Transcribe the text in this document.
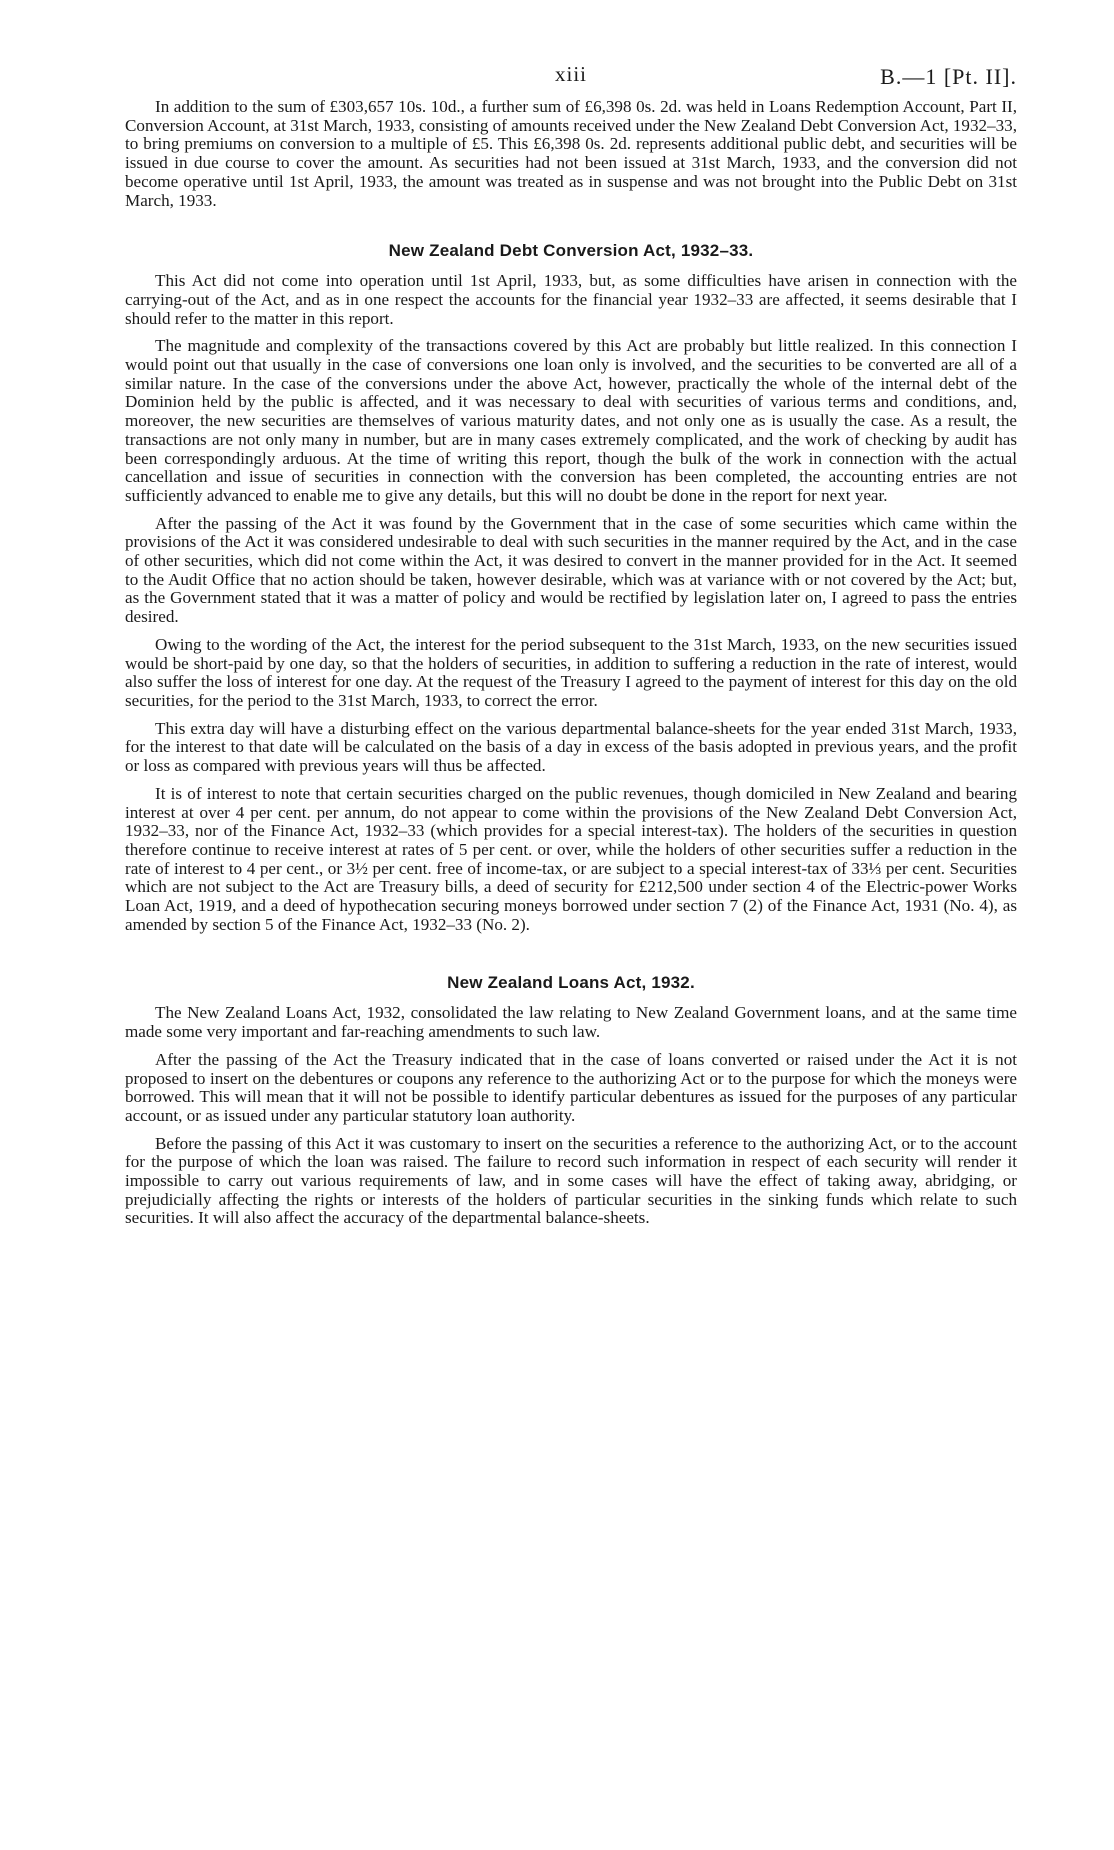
xiii	B.—1 [Pt. II].

In addition to the sum of £303,657 10s. 10d., a further sum of £6,398 0s. 2d. was held in Loans Redemption Account, Part II, Conversion Account, at 31st March, 1933, consisting of amounts received under the New Zealand Debt Conversion Act, 1932–33, to bring premiums on conversion to a multiple of £5. This £6,398 0s. 2d. represents additional public debt, and securities will be issued in due course to cover the amount. As securities had not been issued at 31st March, 1933, and the conversion did not become operative until 1st April, 1933, the amount was treated as in suspense and was not brought into the Public Debt on 31st March, 1933.

New Zealand Debt Conversion Act, 1932–33.

This Act did not come into operation until 1st April, 1933, but, as some difficulties have arisen in connection with the carrying-out of the Act, and as in one respect the accounts for the financial year 1932–33 are affected, it seems desirable that I should refer to the matter in this report.

The magnitude and complexity of the transactions covered by this Act are probably but little realized. In this connection I would point out that usually in the case of conversions one loan only is involved, and the securities to be converted are all of a similar nature. In the case of the conversions under the above Act, however, practically the whole of the internal debt of the Dominion held by the public is affected, and it was necessary to deal with securities of various terms and conditions, and, moreover, the new securities are themselves of various maturity dates, and not only one as is usually the case. As a result, the transactions are not only many in number, but are in many cases extremely complicated, and the work of checking by audit has been correspondingly arduous. At the time of writing this report, though the bulk of the work in connection with the actual cancellation and issue of securities in connection with the conversion has been completed, the accounting entries are not sufficiently advanced to enable me to give any details, but this will no doubt be done in the report for next year.

After the passing of the Act it was found by the Government that in the case of some securities which came within the provisions of the Act it was considered undesirable to deal with such securities in the manner required by the Act, and in the case of other securities, which did not come within the Act, it was desired to convert in the manner provided for in the Act. It seemed to the Audit Office that no action should be taken, however desirable, which was at variance with or not covered by the Act; but, as the Government stated that it was a matter of policy and would be rectified by legislation later on, I agreed to pass the entries desired.

Owing to the wording of the Act, the interest for the period subsequent to the 31st March, 1933, on the new securities issued would be short-paid by one day, so that the holders of securities, in addition to suffering a reduction in the rate of interest, would also suffer the loss of interest for one day. At the request of the Treasury I agreed to the payment of interest for this day on the old securities, for the period to the 31st March, 1933, to correct the error.

This extra day will have a disturbing effect on the various departmental balance-sheets for the year ended 31st March, 1933, for the interest to that date will be calculated on the basis of a day in excess of the basis adopted in previous years, and the profit or loss as compared with previous years will thus be affected.

It is of interest to note that certain securities charged on the public revenues, though domiciled in New Zealand and bearing interest at over 4 per cent. per annum, do not appear to come within the provisions of the New Zealand Debt Conversion Act, 1932–33, nor of the Finance Act, 1932–33 (which provides for a special interest-tax). The holders of the securities in question therefore continue to receive interest at rates of 5 per cent. or over, while the holders of other securities suffer a reduction in the rate of interest to 4 per cent., or 3½ per cent. free of income-tax, or are subject to a special interest-tax of 33⅓ per cent. Securities which are not subject to the Act are Treasury bills, a deed of security for £212,500 under section 4 of the Electric-power Works Loan Act, 1919, and a deed of hypothecation securing moneys borrowed under section 7 (2) of the Finance Act, 1931 (No. 4), as amended by section 5 of the Finance Act, 1932–33 (No. 2).

New Zealand Loans Act, 1932.

The New Zealand Loans Act, 1932, consolidated the law relating to New Zealand Government loans, and at the same time made some very important and far-reaching amendments to such law.

After the passing of the Act the Treasury indicated that in the case of loans converted or raised under the Act it is not proposed to insert on the debentures or coupons any reference to the authorizing Act or to the purpose for which the moneys were borrowed. This will mean that it will not be possible to identify particular debentures as issued for the purposes of any particular account, or as issued under any particular statutory loan authority.

Before the passing of this Act it was customary to insert on the securities a reference to the authorizing Act, or to the account for the purpose of which the loan was raised. The failure to record such information in respect of each security will render it impossible to carry out various requirements of law, and in some cases will have the effect of taking away, abridging, or prejudicially affecting the rights or interests of the holders of particular securities in the sinking funds which relate to such securities. It will also affect the accuracy of the departmental balance-sheets.
